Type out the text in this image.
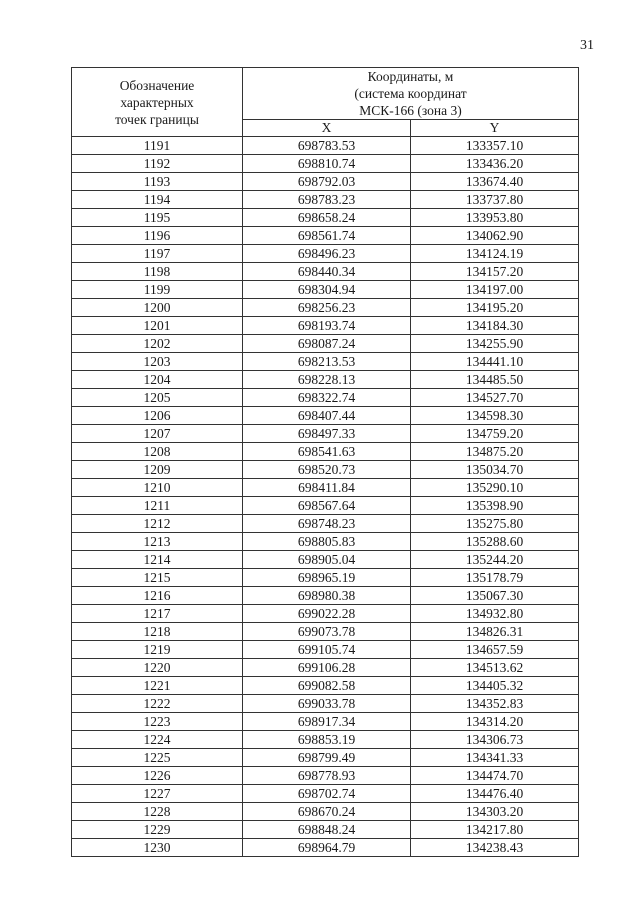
31
Обозначение
характерных
точек границы	Координаты, м
(система координат
МСК-166 (зона 3)	

	X	Y
1191	698783.53	133357.10
1192	698810.74	133436.20
1193	698792.03	133674.40
1194	698783.23	133737.80
1195	698658.24	133953.80
1196	698561.74	134062.90
1197	698496.23	134124.19
1198	698440.34	134157.20
1199	698304.94	134197.00
1200	698256.23	134195.20
1201	698193.74	134184.30
1202	698087.24	134255.90
1203	698213.53	134441.10
1204	698228.13	134485.50
1205	698322.74	134527.70
1206	698407.44	134598.30
1207	698497.33	134759.20
1208	698541.63	134875.20
1209	698520.73	135034.70
1210	698411.84	135290.10
1211	698567.64	135398.90
1212	698748.23	135275.80
1213	698805.83	135288.60
1214	698905.04	135244.20
1215	698965.19	135178.79
1216	698980.38	135067.30
1217	699022.28	134932.80
1218	699073.78	134826.31
1219	699105.74	134657.59
1220	699106.28	134513.62
1221	699082.58	134405.32
1222	699033.78	134352.83
1223	698917.34	134314.20
1224	698853.19	134306.73
1225	698799.49	134341.33
1226	698778.93	134474.70
1227	698702.74	134476.40
1228	698670.24	134303.20
1229	698848.24	134217.80
1230	698964.79	134238.43
